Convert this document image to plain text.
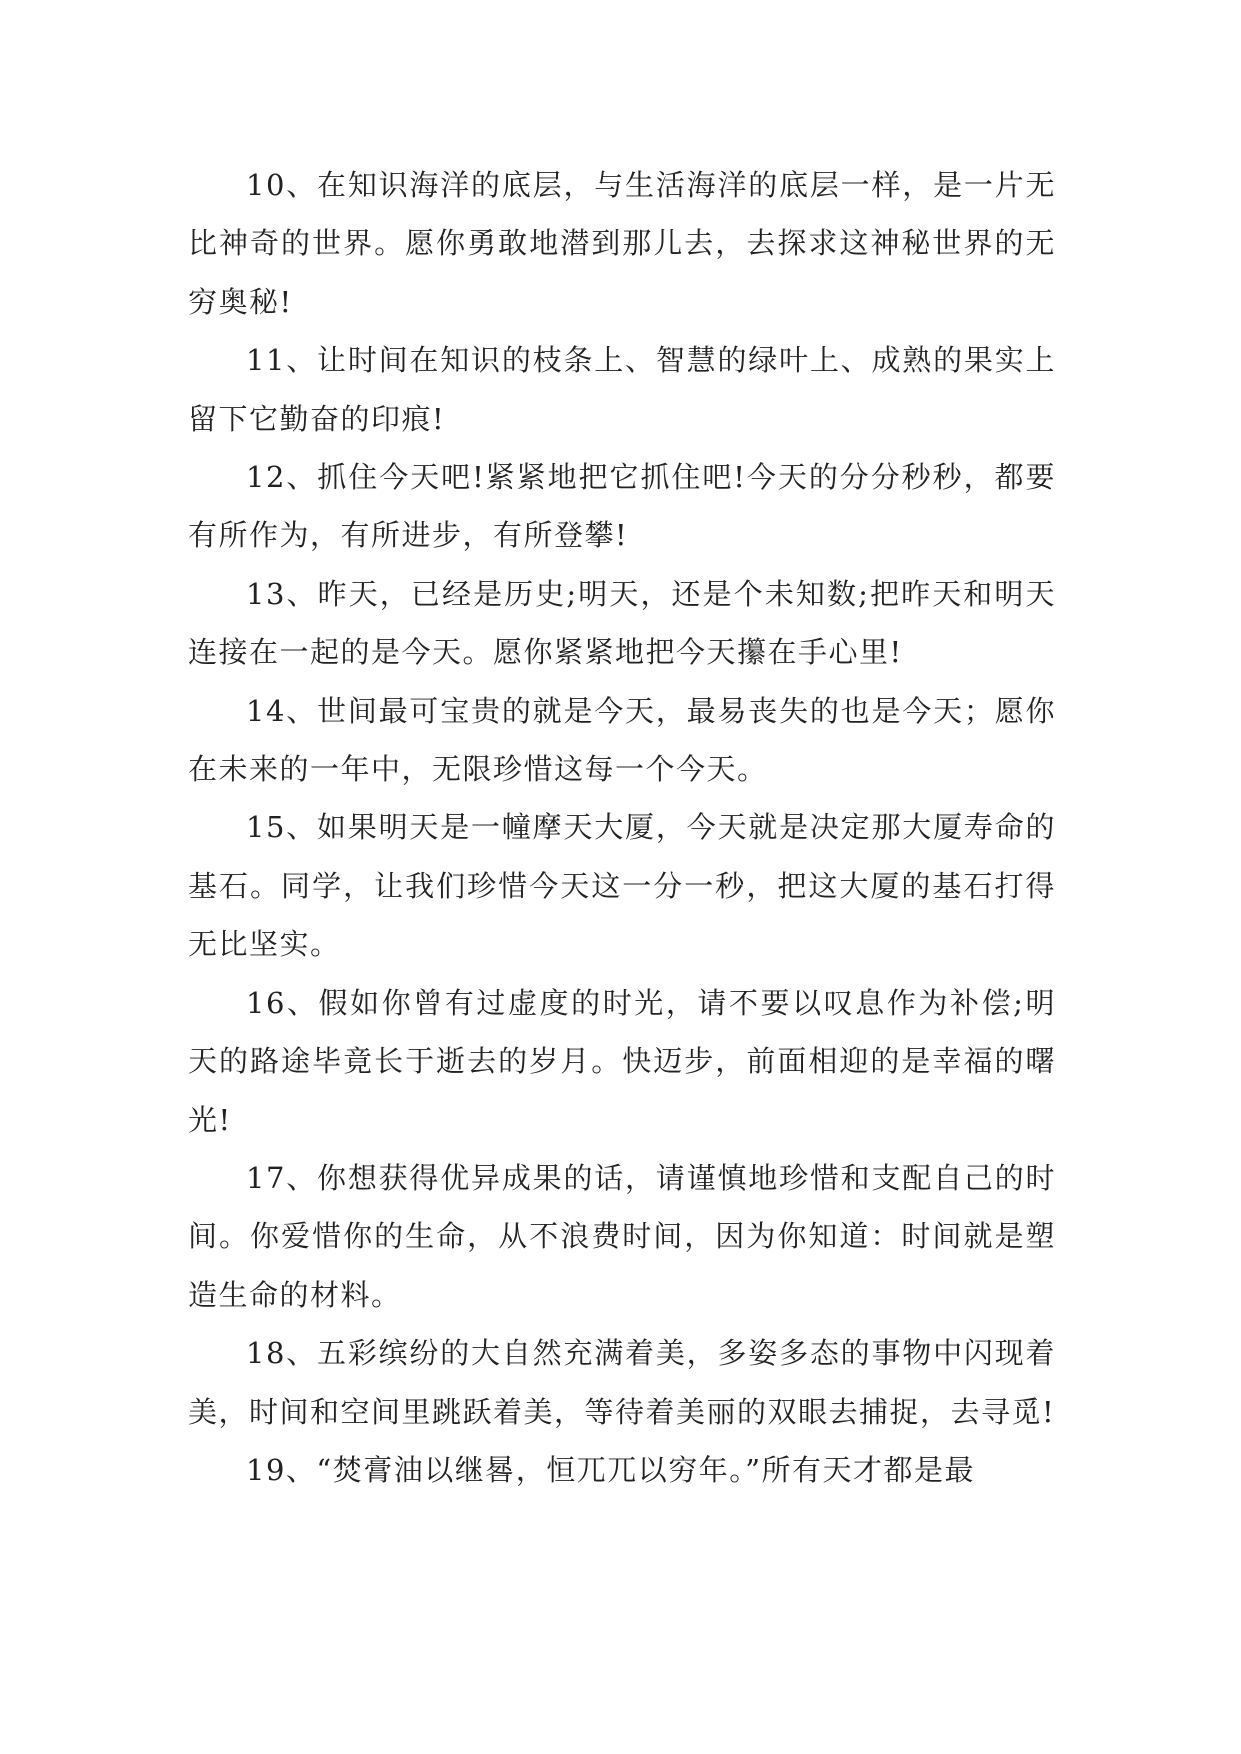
10、在知识海洋的底层，与生活海洋的底层一样，是一片无比神奇的世界。愿你勇敢地潜到那儿去，去探求这神秘世界的无穷奥秘!

11、让时间在知识的枝条上、智慧的绿叶上、成熟的果实上留下它勤奋的印痕!

12、抓住今天吧!紧紧地把它抓住吧!今天的分分秒秒，都要有所作为，有所进步，有所登攀!

13、昨天，已经是历史;明天，还是个未知数;把昨天和明天连接在一起的是今天。愿你紧紧地把今天攥在手心里!

14、世间最可宝贵的就是今天，最易丧失的也是今天；愿你在未来的一年中，无限珍惜这每一个今天。

15、如果明天是一幢摩天大厦，今天就是决定那大厦寿命的基石。同学，让我们珍惜今天这一分一秒，把这大厦的基石打得无比坚实。

16、假如你曾有过虚度的时光，请不要以叹息作为补偿;明天的路途毕竟长于逝去的岁月。快迈步，前面相迎的是幸福的曙光!

17、你想获得优异成果的话，请谨慎地珍惜和支配自己的时间。你爱惜你的生命，从不浪费时间，因为你知道：时间就是塑造生命的材料。

18、五彩缤纷的大自然充满着美，多姿多态的事物中闪现着美，时间和空间里跳跃着美，等待着美丽的双眼去捕捉，去寻觅!

19、“焚膏油以继晷，恒兀兀以穷年。”所有天才都是最
